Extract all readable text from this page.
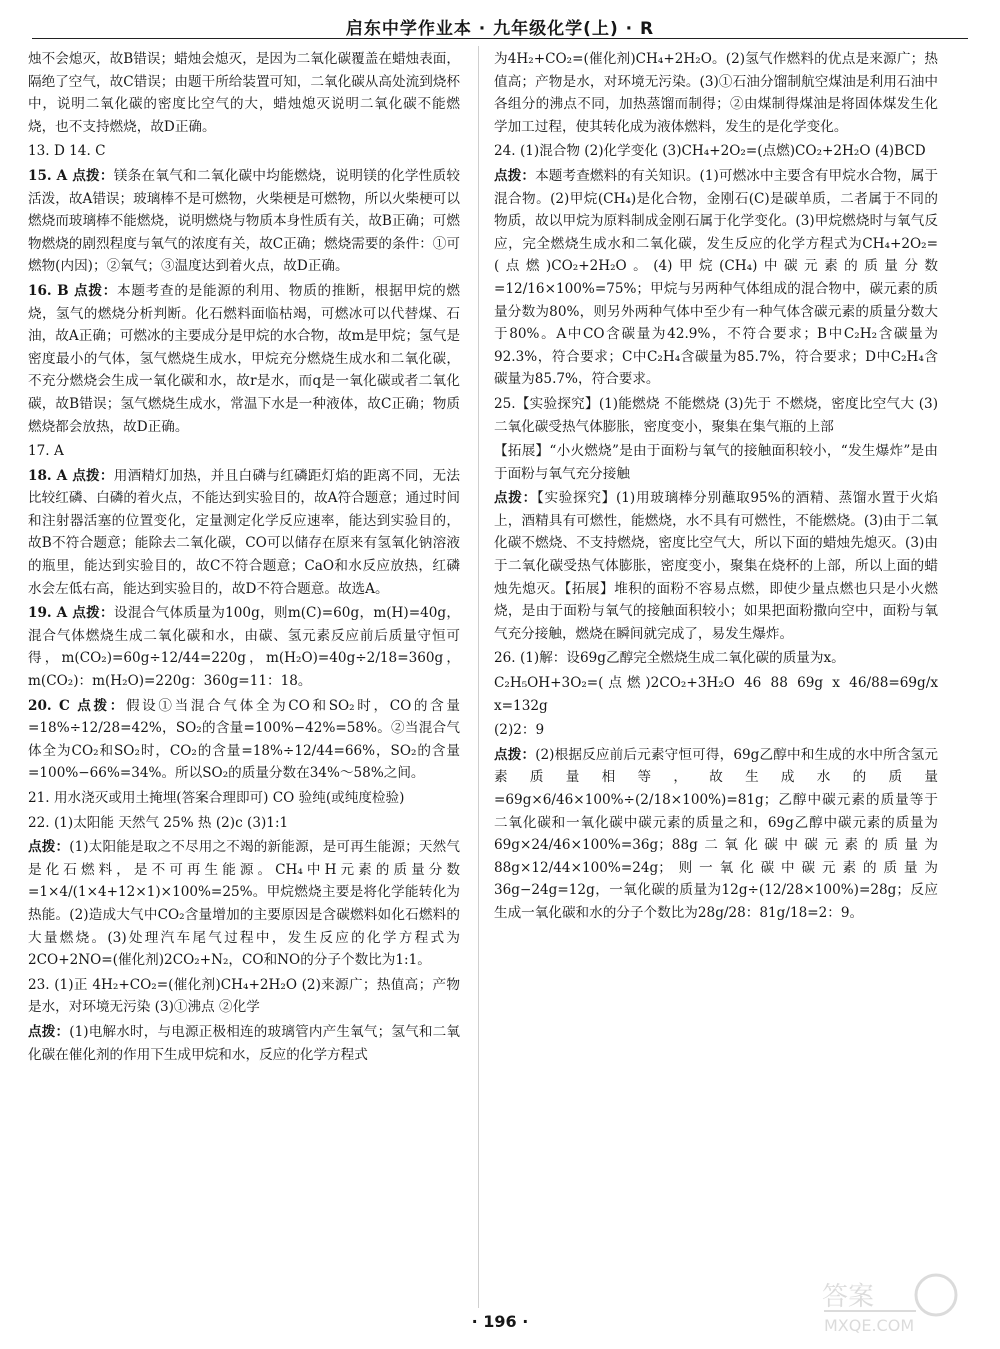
启东中学作业本 · 九年级化学(上) · R

烛不会熄灭，故B错误；蜡烛会熄灭，是因为二氧化碳覆盖在蜡烛表面，隔绝了空气，故C错误；由题干所给装置可知，二氧化碳从高处流到烧杯中，说明二氧化碳的密度比空气的大，蜡烛熄灭说明二氧化碳不能燃烧，也不支持燃烧，故D正确。

13. D 14. C

15. A 点拨：镁条在氧气和二氧化碳中均能燃烧，说明镁的化学性质较活泼，故A错误；玻璃棒不是可燃物，火柴梗是可燃物，所以火柴梗可以燃烧而玻璃棒不能燃烧，说明燃烧与物质本身性质有关，故B正确；可燃物燃烧的剧烈程度与氧气的浓度有关，故C正确；燃烧需要的条件：①可燃物(内因)；②氧气；③温度达到着火点，故D正确。

16. B 点拨：本题考查的是能源的利用、物质的推断，根据甲烷的燃烧，氢气的燃烧分析判断。化石燃料面临枯竭，可燃冰可以代替煤、石油，故A正确；可燃冰的主要成分是甲烷的水合物，故m是甲烷；氢气是密度最小的气体，氢气燃烧生成水，甲烷充分燃烧生成水和二氧化碳，不充分燃烧会生成一氧化碳和水，故r是水，而q是一氧化碳或者二氧化碳，故B错误；氢气燃烧生成水，常温下水是一种液体，故C正确；物质燃烧都会放热，故D正确。

17. A

18. A 点拨：用酒精灯加热，并且白磷与红磷距灯焰的距离不同，无法比较红磷、白磷的着火点，不能达到实验目的，故A符合题意；通过时间和注射器活塞的位置变化，定量测定化学反应速率，能达到实验目的，故B不符合题意；能除去二氧化碳，CO可以储存在原来有氢氧化钠溶液的瓶里，能达到实验目的，故C不符合题意；CaO和水反应放热，红磷水会左低右高，能达到实验目的，故D不符合题意。故选A。

19. A 点拨：设混合气体质量为100g，则m(C)=60g，m(H)=40g，混合气体燃烧生成二氧化碳和水，由碳、氢元素反应前后质量守恒可得，m(CO₂)=60g÷12/44=220g，m(H₂O)=40g÷2/18=360g，m(CO₂)：m(H₂O)=220g：360g=11：18。

20. C 点拨：假设①当混合气体全为CO和SO₂时，CO的含量=18%÷12/28=42%，SO₂的含量=100%−42%=58%。②当混合气体全为CO₂和SO₂时，CO₂的含量=18%÷12/44=66%，SO₂的含量=100%−66%=34%。所以SO₂的质量分数在34%～58%之间。

21. 用水浇灭或用土掩埋(答案合理即可) CO 验纯(或纯度检验)

22. (1)太阳能 天然气 25% 热 (2)c (3)1:1

点拨：(1)太阳能是取之不尽用之不竭的新能源，是可再生能源；天然气是化石燃料，是不可再生能源。CH₄中H元素的质量分数=1×4/(1×4+12×1)×100%=25%。甲烷燃烧主要是将化学能转化为热能。(2)造成大气中CO₂含量增加的主要原因是含碳燃料如化石燃料的大量燃烧。(3)处理汽车尾气过程中，发生反应的化学方程式为2CO+2NO=(催化剂)2CO₂+N₂，CO和NO的分子个数比为1:1。

23. (1)正 4H₂+CO₂=(催化剂)CH₄+2H₂O (2)来源广；热值高；产物是水，对环境无污染 (3)①沸点 ②化学

点拨：(1)电解水时，与电源正极相连的玻璃管内产生氧气；氢气和二氧化碳在催化剂的作用下生成甲烷和水，反应的化学方程式

为4H₂+CO₂=(催化剂)CH₄+2H₂O。(2)氢气作燃料的优点是来源广；热值高；产物是水，对环境无污染。(3)①石油分馏制航空煤油是利用石油中各组分的沸点不同，加热蒸馏而制得；②由煤制得煤油是将固体煤发生化学加工过程，使其转化成为液体燃料，发生的是化学变化。

24. (1)混合物 (2)化学变化 (3)CH₄+2O₂=(点燃)CO₂+2H₂O (4)BCD

点拨：本题考查燃料的有关知识。(1)可燃冰中主要含有甲烷水合物，属于混合物。(2)甲烷(CH₄)是化合物，金刚石(C)是碳单质，二者属于不同的物质，故以甲烷为原料制成金刚石属于化学变化。(3)甲烷燃烧时与氧气反应，完全燃烧生成水和二氧化碳，发生反应的化学方程式为CH₄+2O₂=(点燃)CO₂+2H₂O。(4)甲烷(CH₄)中碳元素的质量分数=12/16×100%=75%；甲烷与另两种气体组成的混合物中，碳元素的质量分数为80%，则另外两种气体中至少有一种气体含碳元素的质量分数大于80%。A中CO含碳量为42.9%，不符合要求；B中C₂H₂含碳量为92.3%，符合要求；C中C₂H₄含碳量为85.7%，符合要求；D中C₂H₄含碳量为85.7%，符合要求。

25.【实验探究】(1)能燃烧 不能燃烧 (3)先于 不燃烧，密度比空气大 (3)二氧化碳受热气体膨胀，密度变小，聚集在集气瓶的上部

【拓展】“小火燃烧”是由于面粉与氧气的接触面积较小，“发生爆炸”是由于面粉与氧气充分接触

点拨：【实验探究】(1)用玻璃棒分别蘸取95%的酒精、蒸馏水置于火焰上，酒精具有可燃性，能燃烧，水不具有可燃性，不能燃烧。(3)由于二氧化碳不燃烧、不支持燃烧，密度比空气大，所以下面的蜡烛先熄灭。(3)由于二氧化碳受热气体膨胀，密度变小，聚集在烧杯的上部，所以上面的蜡烛先熄灭。【拓展】堆积的面粉不容易点燃，即使少量点燃也只是小火燃烧，是由于面粉与氧气的接触面积较小；如果把面粉撒向空中，面粉与氧气充分接触，燃烧在瞬间就完成了，易发生爆炸。

26. (1)解：设69g乙醇完全燃烧生成二氧化碳的质量为x。

C₂H₅OH+3O₂=(点燃)2CO₂+3H₂O 46 88 69g x 46/88=69g/x x=132g

(2)2：9

点拨：(2)根据反应前后元素守恒可得，69g乙醇中和生成的水中所含氢元素质量相等，故生成水的质量=69g×6/46×100%÷(2/18×100%)=81g；乙醇中碳元素的质量等于二氧化碳和一氧化碳中碳元素的质量之和，69g乙醇中碳元素的质量为69g×24/46×100%=36g；88g二氧化碳中碳元素的质量为88g×12/44×100%=24g；则一氧化碳中碳元素的质量为36g−24g=12g，一氧化碳的质量为12g÷(12/28×100%)=28g；反应生成一氧化碳和水的分子个数比为28g/28：81g/18=2：9。

· 196 ·
答案
MXQE.COM
